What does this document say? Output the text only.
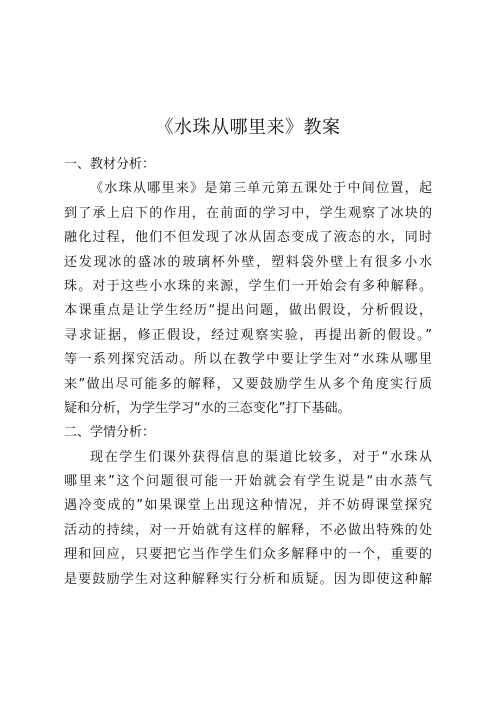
《水珠从哪里来》教案
一、教材分析：
《水珠从哪里来》是第三单元第五课处于中间位置，起
到了承上启下的作用，在前面的学习中，学生观察了冰块的
融化过程，他们不但发现了冰从固态变成了液态的水，同时
还发现冰的盛冰的玻璃杯外壁，塑料袋外壁上有很多小水
珠。对于这些小水珠的来源，学生们一开始会有多种解释。
本课重点是让学生经历“提出问题，做出假设，分析假设，
寻求证据，修正假设，经过观察实验，再提出新的假设。”
等一系列探究活动。所以在教学中要让学生对“水珠从哪里
来”做出尽可能多的解释，又要鼓励学生从多个角度实行质
疑和分析，为学生学习“水的三态变化”打下基础。
二、学情分析：
现在学生们课外获得信息的渠道比较多，对于“水珠从
哪里来”这个问题很可能一开始就会有学生说是“由水蒸气
遇冷变成的”如果课堂上出现这种情况，并不妨碍课堂探究
活动的持续，对一开始就有这样的解释，不必做出特殊的处
理和回应，只要把它当作学生们众多解释中的一个，重要的
是要鼓励学生对这种解释实行分析和质疑。因为即使这种解
